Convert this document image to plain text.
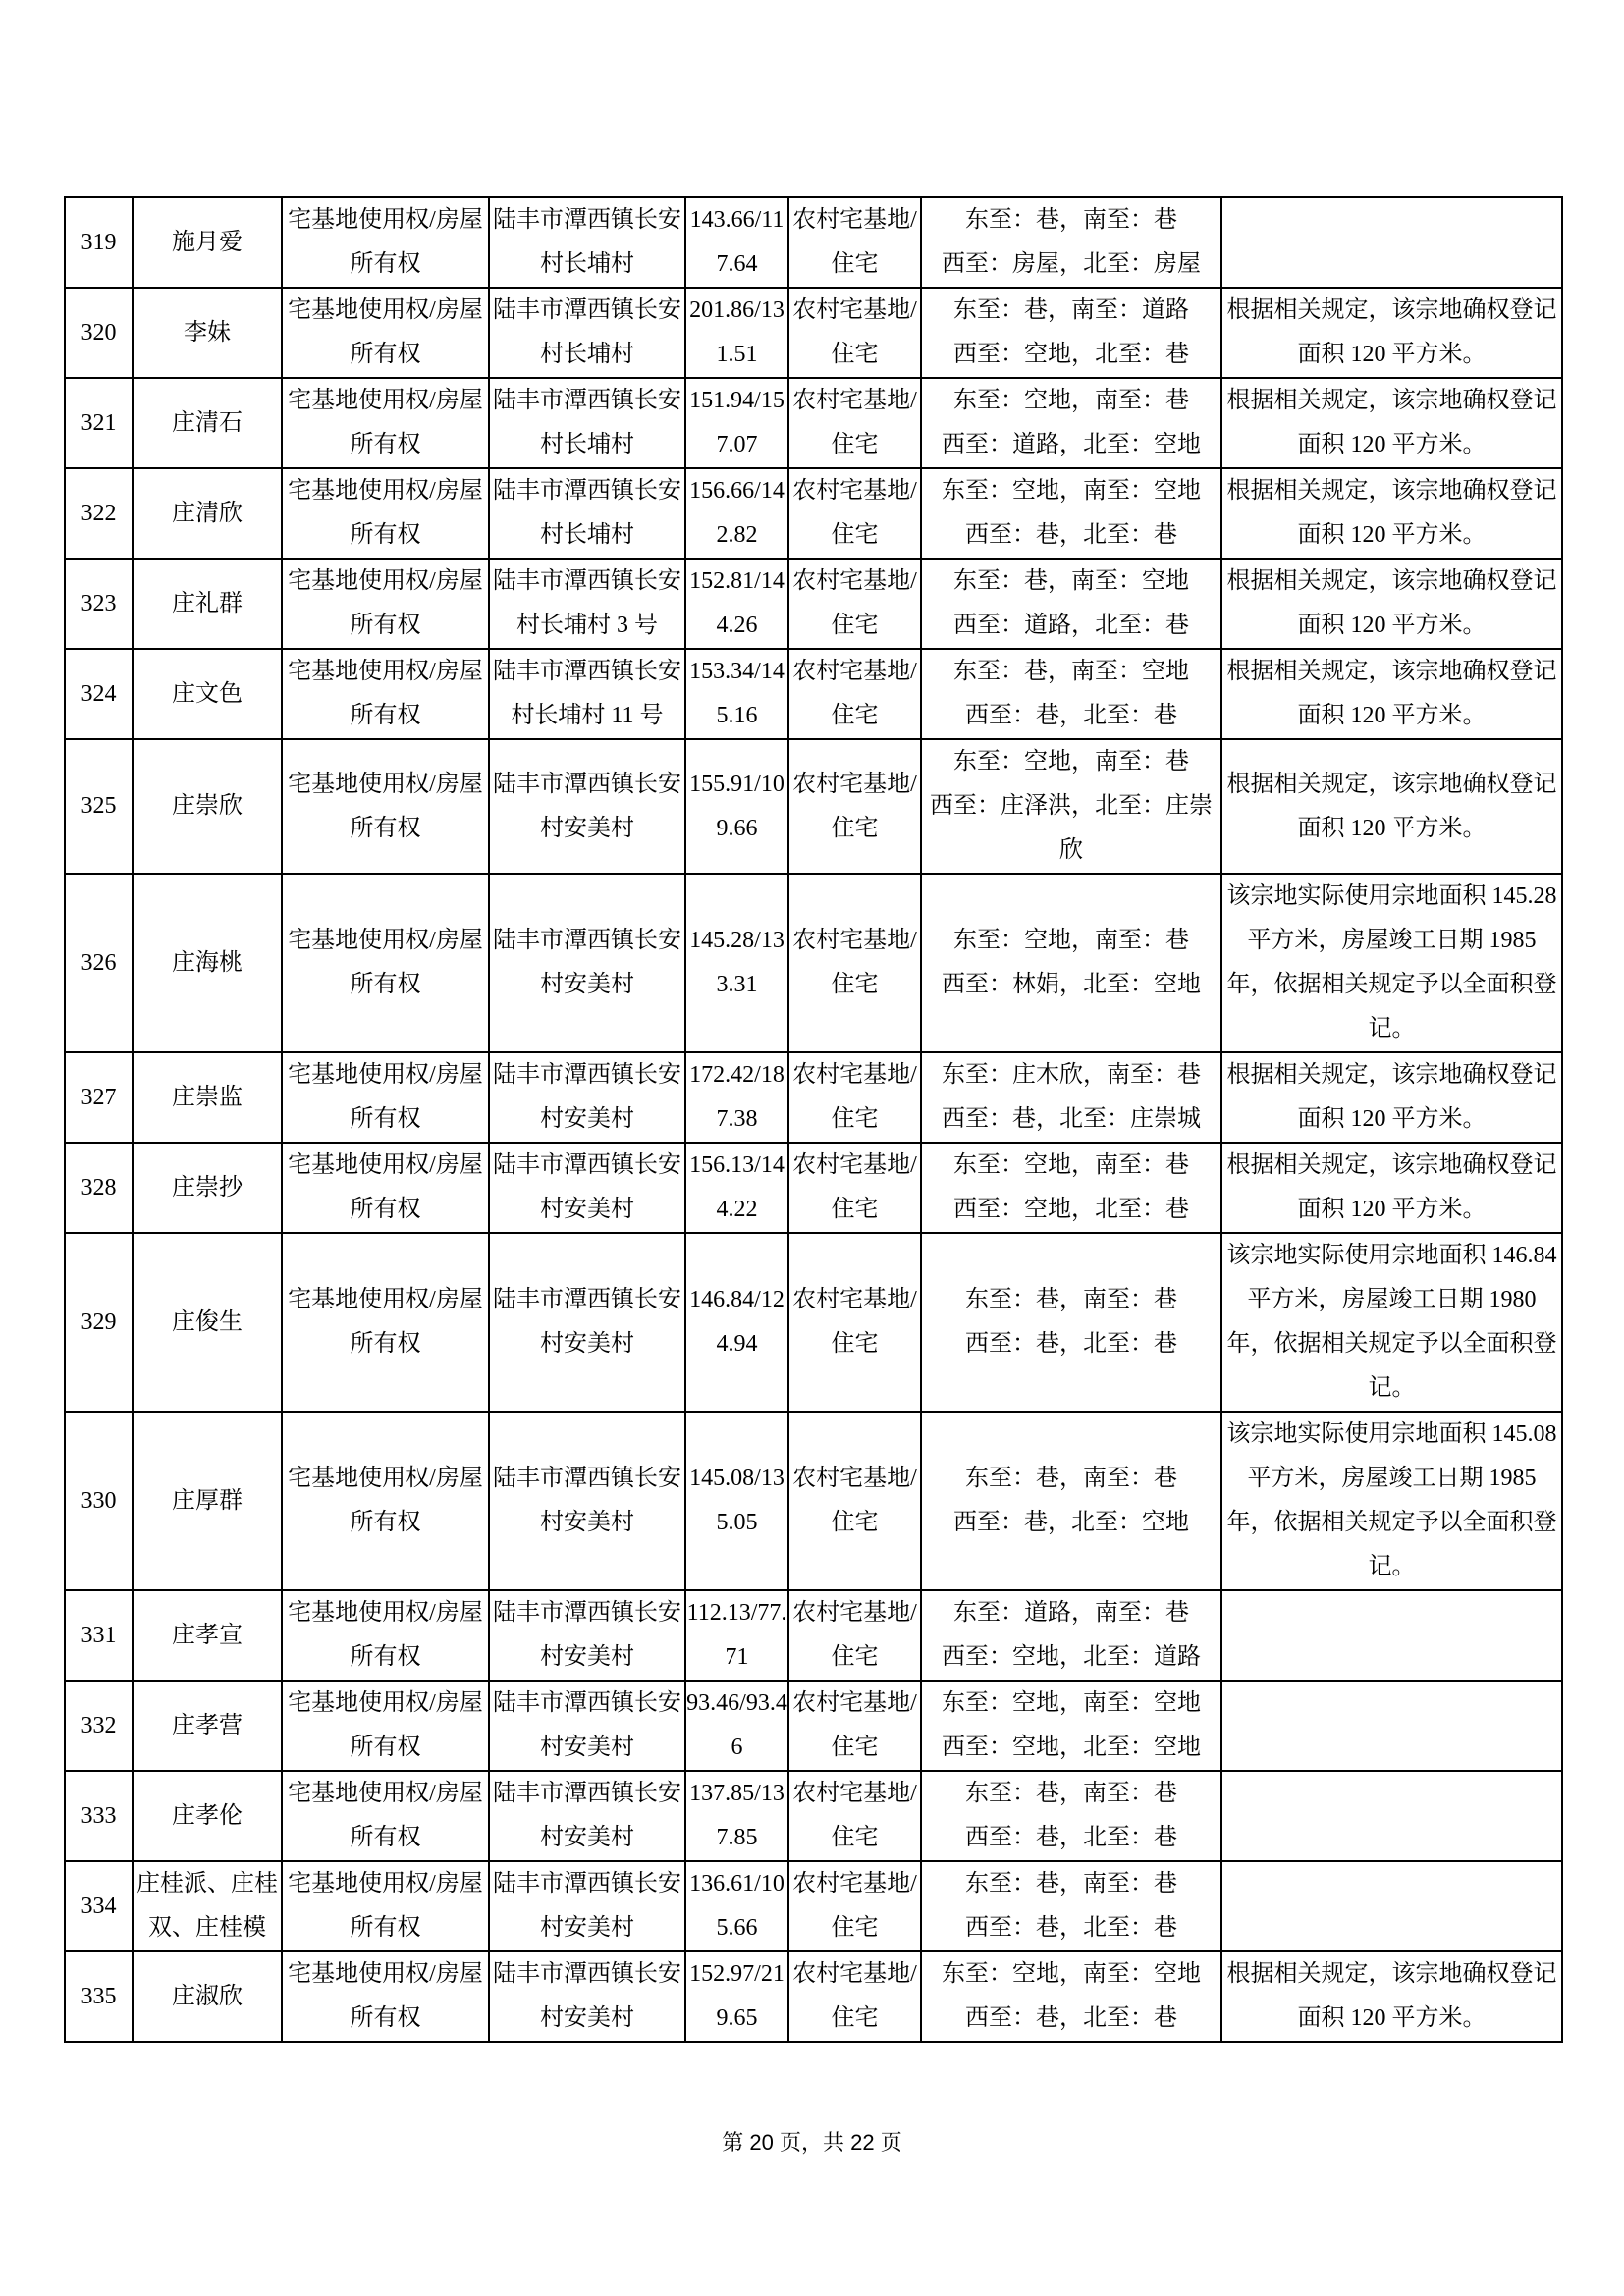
319	施月爱	宅基地使用权/房屋所有权	陆丰市潭西镇长安村长埔村	143.66/117.64	农村宅基地/住宅	东至：巷，南至：巷
西至：房屋，北至：房屋	

320	李妹	宅基地使用权/房屋所有权	陆丰市潭西镇长安村长埔村	201.86/131.51	农村宅基地/住宅	东至：巷，南至：道路
西至：空地，北至：巷	根据相关规定，该宗地确权登记面积 120 平方米。
321	庄清石	宅基地使用权/房屋所有权	陆丰市潭西镇长安村长埔村	151.94/157.07	农村宅基地/住宅	东至：空地，南至：巷
西至：道路，北至：空地	根据相关规定，该宗地确权登记面积 120 平方米。
322	庄清欣	宅基地使用权/房屋所有权	陆丰市潭西镇长安村长埔村	156.66/142.82	农村宅基地/住宅	东至：空地，南至：空地
西至：巷，北至：巷	根据相关规定，该宗地确权登记面积 120 平方米。
323	庄礼群	宅基地使用权/房屋所有权	陆丰市潭西镇长安村长埔村 3 号	152.81/144.26	农村宅基地/住宅	东至：巷，南至：空地
西至：道路，北至：巷	根据相关规定，该宗地确权登记面积 120 平方米。
324	庄文色	宅基地使用权/房屋所有权	陆丰市潭西镇长安村长埔村 11 号	153.34/145.16	农村宅基地/住宅	东至：巷，南至：空地
西至：巷，北至：巷	根据相关规定，该宗地确权登记面积 120 平方米。
325	庄崇欣	宅基地使用权/房屋所有权	陆丰市潭西镇长安村安美村	155.91/109.66	农村宅基地/住宅	东至：空地，南至：巷
西至：庄泽洪，北至：庄崇欣	根据相关规定，该宗地确权登记面积 120 平方米。
326	庄海桃	宅基地使用权/房屋所有权	陆丰市潭西镇长安村安美村	145.28/133.31	农村宅基地/住宅	东至：空地，南至：巷
西至：林娟，北至：空地	该宗地实际使用宗地面积 145.28 平方米，房屋竣工日期 1985 年，依据相关规定予以全面积登记。
327	庄崇监	宅基地使用权/房屋所有权	陆丰市潭西镇长安村安美村	172.42/187.38	农村宅基地/住宅	东至：庄木欣，南至：巷
西至：巷，北至：庄崇城	根据相关规定，该宗地确权登记面积 120 平方米。
328	庄崇抄	宅基地使用权/房屋所有权	陆丰市潭西镇长安村安美村	156.13/144.22	农村宅基地/住宅	东至：空地，南至：巷
西至：空地，北至：巷	根据相关规定，该宗地确权登记面积 120 平方米。
329	庄俊生	宅基地使用权/房屋所有权	陆丰市潭西镇长安村安美村	146.84/124.94	农村宅基地/住宅	东至：巷，南至：巷
西至：巷，北至：巷	该宗地实际使用宗地面积 146.84 平方米，房屋竣工日期 1980 年，依据相关规定予以全面积登记。
330	庄厚群	宅基地使用权/房屋所有权	陆丰市潭西镇长安村安美村	145.08/135.05	农村宅基地/住宅	东至：巷，南至：巷
西至：巷，北至：空地	该宗地实际使用宗地面积 145.08 平方米，房屋竣工日期 1985 年，依据相关规定予以全面积登记。
331	庄孝宣	宅基地使用权/房屋所有权	陆丰市潭西镇长安村安美村	112.13/77.71	农村宅基地/住宅	东至：道路，南至：巷
西至：空地，北至：道路	

332	庄孝营	宅基地使用权/房屋所有权	陆丰市潭西镇长安村安美村	93.46/93.46	农村宅基地/住宅	东至：空地，南至：空地
西至：空地，北至：空地	

333	庄孝伦	宅基地使用权/房屋所有权	陆丰市潭西镇长安村安美村	137.85/137.85	农村宅基地/住宅	东至：巷，南至：巷
西至：巷，北至：巷	

334	庄桂派、庄桂双、庄桂模	宅基地使用权/房屋所有权	陆丰市潭西镇长安村安美村	136.61/105.66	农村宅基地/住宅	东至：巷，南至：巷
西至：巷，北至：巷	

335	庄淑欣	宅基地使用权/房屋所有权	陆丰市潭西镇长安村安美村	152.97/219.65	农村宅基地/住宅	东至：空地，南至：空地
西至：巷，北至：巷	根据相关规定，该宗地确权登记面积 120 平方米。
第 20 页，共 22 页
